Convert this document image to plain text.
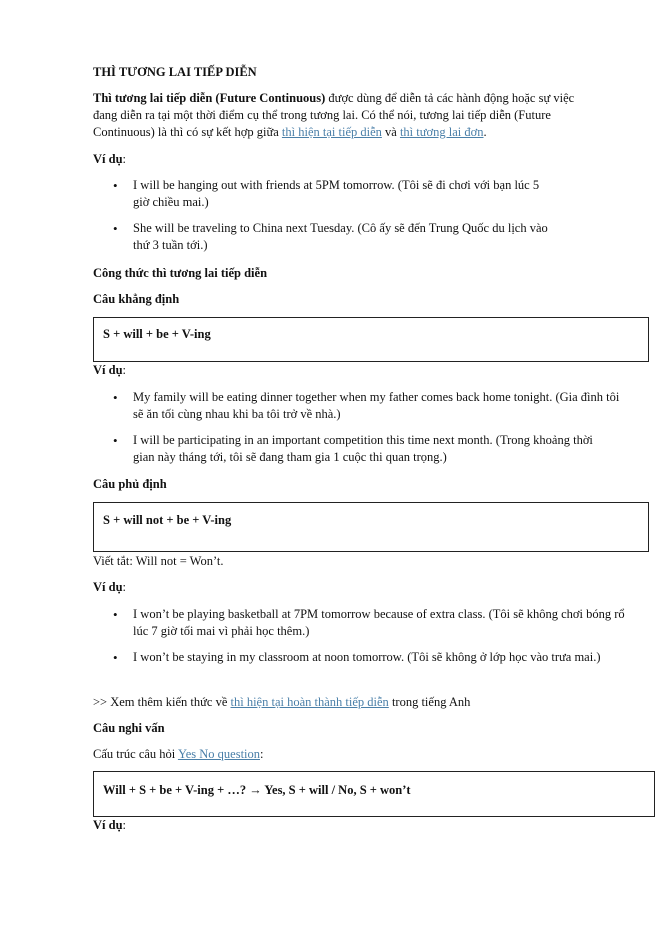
THÌ TƯƠNG LAI TIẾP DIỄN
Thì tương lai tiếp diễn (Future Continuous) được dùng để diễn tả các hành động hoặc sự việc đang diễn ra tại một thời điểm cụ thể trong tương lai. Có thể nói, tương lai tiếp diễn (Future Continuous) là thì có sự kết hợp giữa thì hiện tại tiếp diễn và thì tương lai đơn.
Ví dụ:
• I will be hanging out with friends at 5PM tomorrow. (Tôi sẽ đi chơi với bạn lúc 5 giờ chiều mai.)
• She will be traveling to China next Tuesday. (Cô ấy sẽ đến Trung Quốc du lịch vào thứ 3 tuần tới.)
Công thức thì tương lai tiếp diễn
Câu khẳng định
S + will + be + V-ing
Ví dụ:
• My family will be eating dinner together when my father comes back home tonight. (Gia đình tôi sẽ ăn tối cùng nhau khi ba tôi trở về nhà.)
• I will be participating in an important competition this time next month. (Trong khoảng thời gian này tháng tới, tôi sẽ đang tham gia 1 cuộc thi quan trọng.)
Câu phủ định
S + will not + be + V-ing
Viết tắt: Will not = Won’t.
Ví dụ:
• I won’t be playing basketball at 7PM tomorrow because of extra class. (Tôi sẽ không chơi bóng rổ lúc 7 giờ tối mai vì phải học thêm.)
• I won’t be staying in my classroom at noon tomorrow. (Tôi sẽ không ở lớp học vào trưa mai.)
>> Xem thêm kiến thức về thì hiện tại hoàn thành tiếp diễn trong tiếng Anh
Câu nghi vấn
Cấu trúc câu hỏi Yes No question:
Will + S + be + V-ing + …? → Yes, S + will / No, S + won’t
Ví dụ:
